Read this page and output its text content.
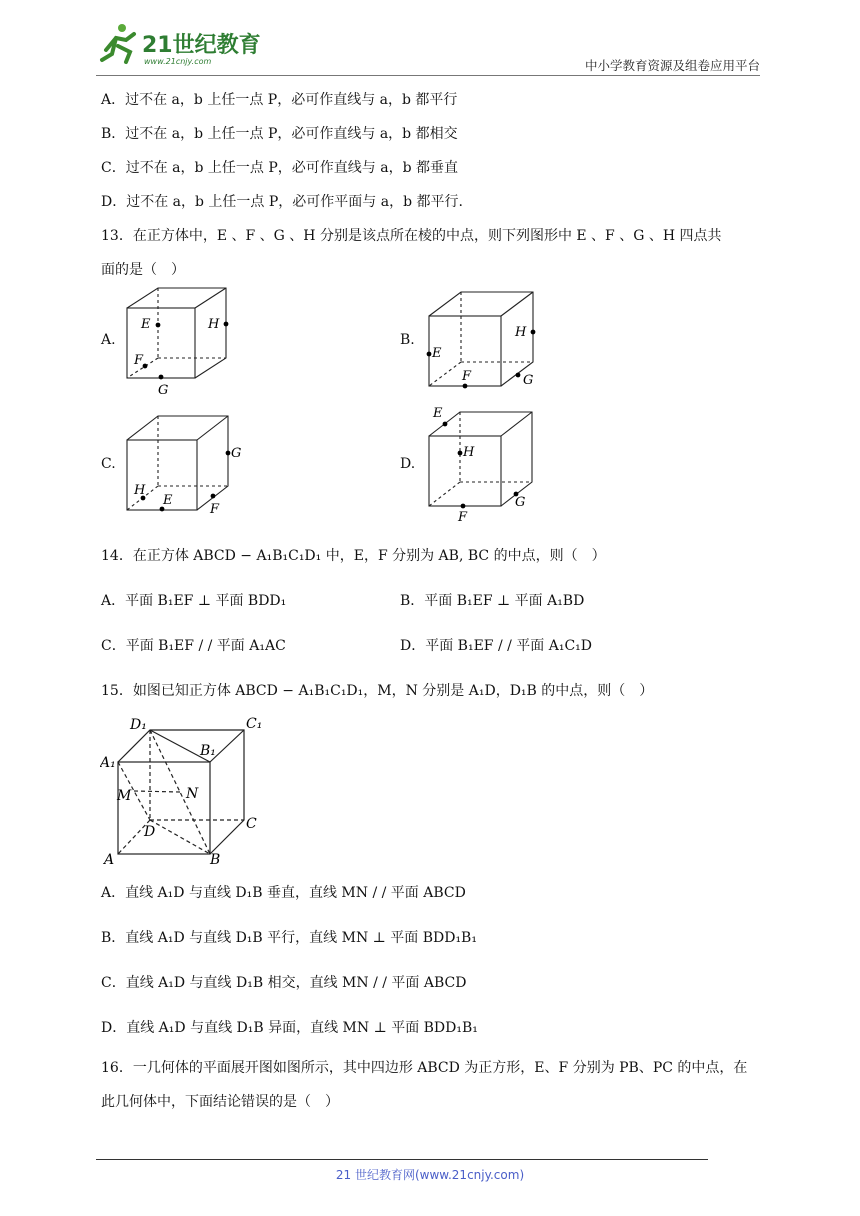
21世纪教育
www.21cnjy.com	中小学教育资源及组卷应用平台
A．过不在 a，b 上任一点 P，必可作直线与 a，b 都平行
B．过不在 a，b 上任一点 P，必可作直线与 a，b 都相交
C．过不在 a，b 上任一点 P，必可作直线与 a，b 都垂直
D．过不在 a，b 上任一点 P，必可作平面与 a，b 都平行.
13．在正方体中，E 、F 、G 、H 分别是该点所在棱的中点，则下列图形中 E 、F 、G 、H 四点共
面的是（　）
A.	B.
C.	D.
E	H
F
G
E
H
F	G
G
H
E
F
E
H
F
G
14．在正方体 ABCD − A₁B₁C₁D₁ 中，E，F 分别为 AB, BC 的中点，则（　）
A．平面 B₁EF ⊥ 平面 BDD₁	B．平面 B₁EF ⊥ 平面 A₁BD
C．平面 B₁EF / / 平面 A₁AC	D．平面 B₁EF / / 平面 A₁C₁D
15．如图已知正方体 ABCD − A₁B₁C₁D₁，M，N 分别是 A₁D，D₁B 的中点，则（　）
D₁	C₁
B₁
A₁
M	N
D	C
A	B
A．直线 A₁D 与直线 D₁B 垂直，直线 MN / / 平面 ABCD
B．直线 A₁D 与直线 D₁B 平行，直线 MN ⊥ 平面 BDD₁B₁
C．直线 A₁D 与直线 D₁B 相交，直线 MN / / 平面 ABCD
D．直线 A₁D 与直线 D₁B 异面，直线 MN ⊥ 平面 BDD₁B₁
16．一几何体的平面展开图如图所示，其中四边形 ABCD 为正方形，E、F 分别为 PB、PC 的中点，在
此几何体中，下面结论错误的是（　）
21 世纪教育网(www.21cnjy.com)
